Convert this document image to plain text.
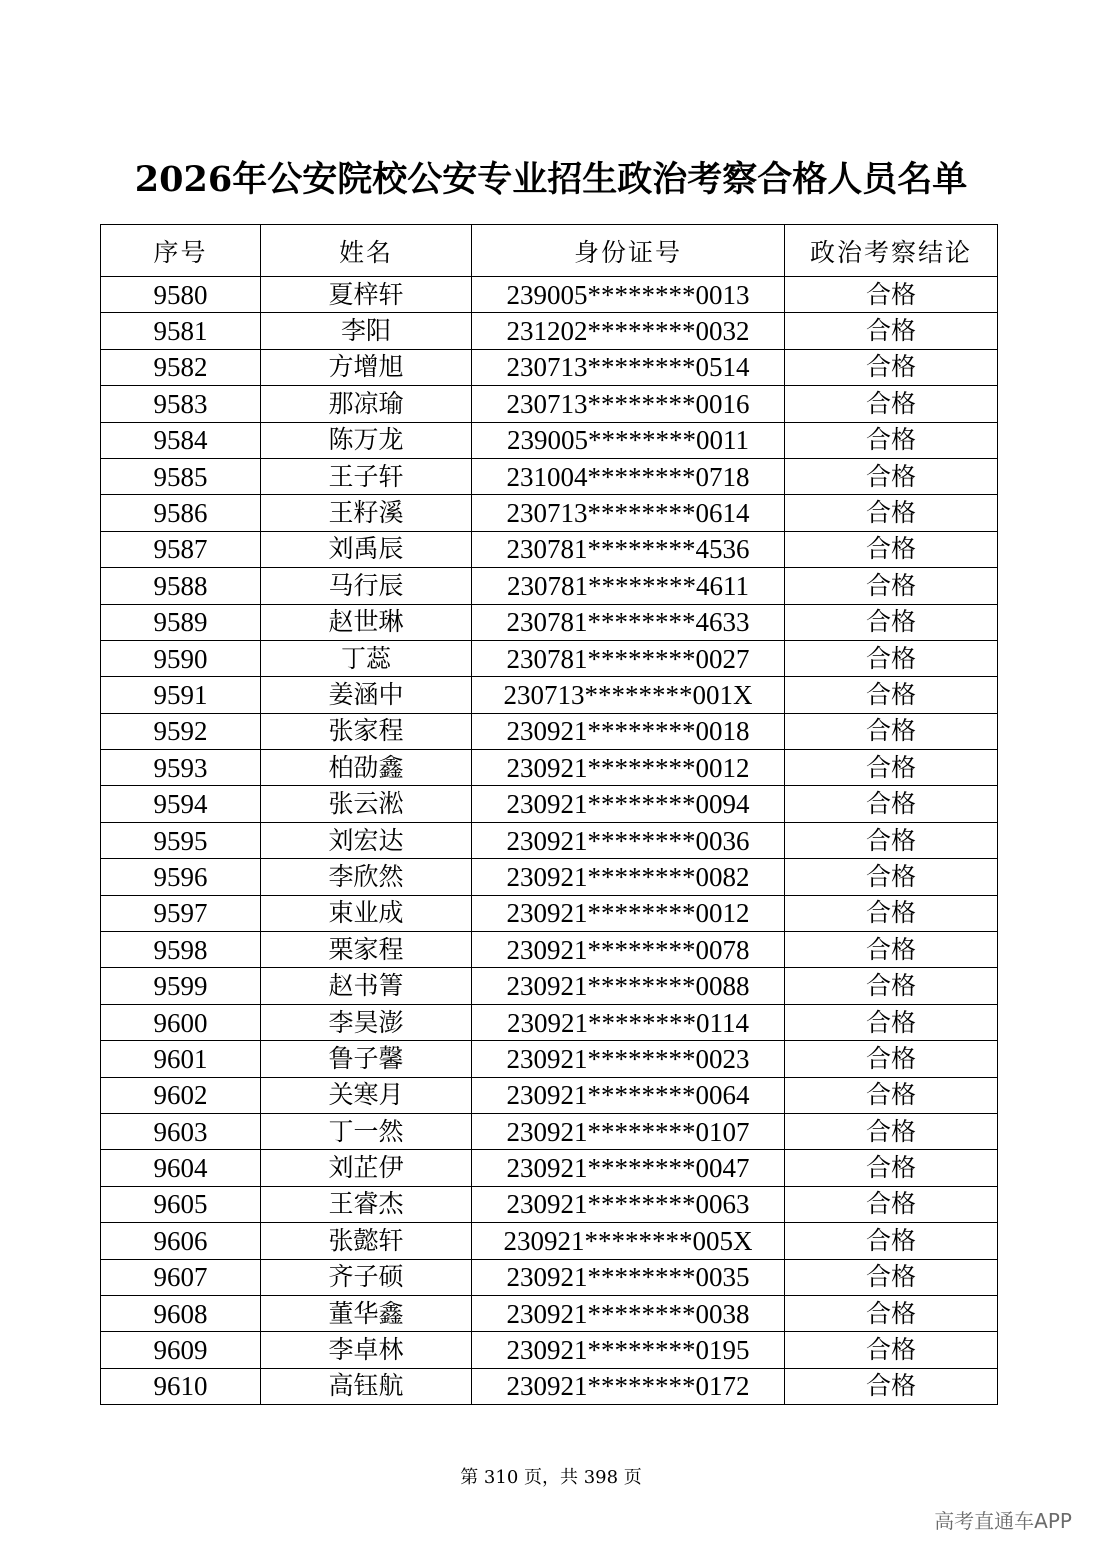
2026年公安院校公安专业招生政治考察合格人员名单
序号	姓名	身份证号	政治考察结论
9580	夏梓轩	239005********0013	合格
9581	李阳	231202********0032	合格
9582	方增旭	230713********0514	合格
9583	那凉瑜	230713********0016	合格
9584	陈万龙	239005********0011	合格
9585	王子轩	231004********0718	合格
9586	王籽溪	230713********0614	合格
9587	刘禹辰	230781********4536	合格
9588	马行辰	230781********4611	合格
9589	赵世琳	230781********4633	合格
9590	丁蕊	230781********0027	合格
9591	姜涵中	230713********001X	合格
9592	张家程	230921********0018	合格
9593	柏劭鑫	230921********0012	合格
9594	张云淞	230921********0094	合格
9595	刘宏达	230921********0036	合格
9596	李欣然	230921********0082	合格
9597	束业成	230921********0012	合格
9598	栗家程	230921********0078	合格
9599	赵书箐	230921********0088	合格
9600	李昊澎	230921********0114	合格
9601	鲁子馨	230921********0023	合格
9602	关寒月	230921********0064	合格
9603	丁一然	230921********0107	合格
9604	刘芷伊	230921********0047	合格
9605	王睿杰	230921********0063	合格
9606	张懿轩	230921********005X	合格
9607	齐子硕	230921********0035	合格
9608	董华鑫	230921********0038	合格
9609	李卓林	230921********0195	合格
9610	高钰航	230921********0172	合格
第 310 页，共 398 页
高考直通车APP
